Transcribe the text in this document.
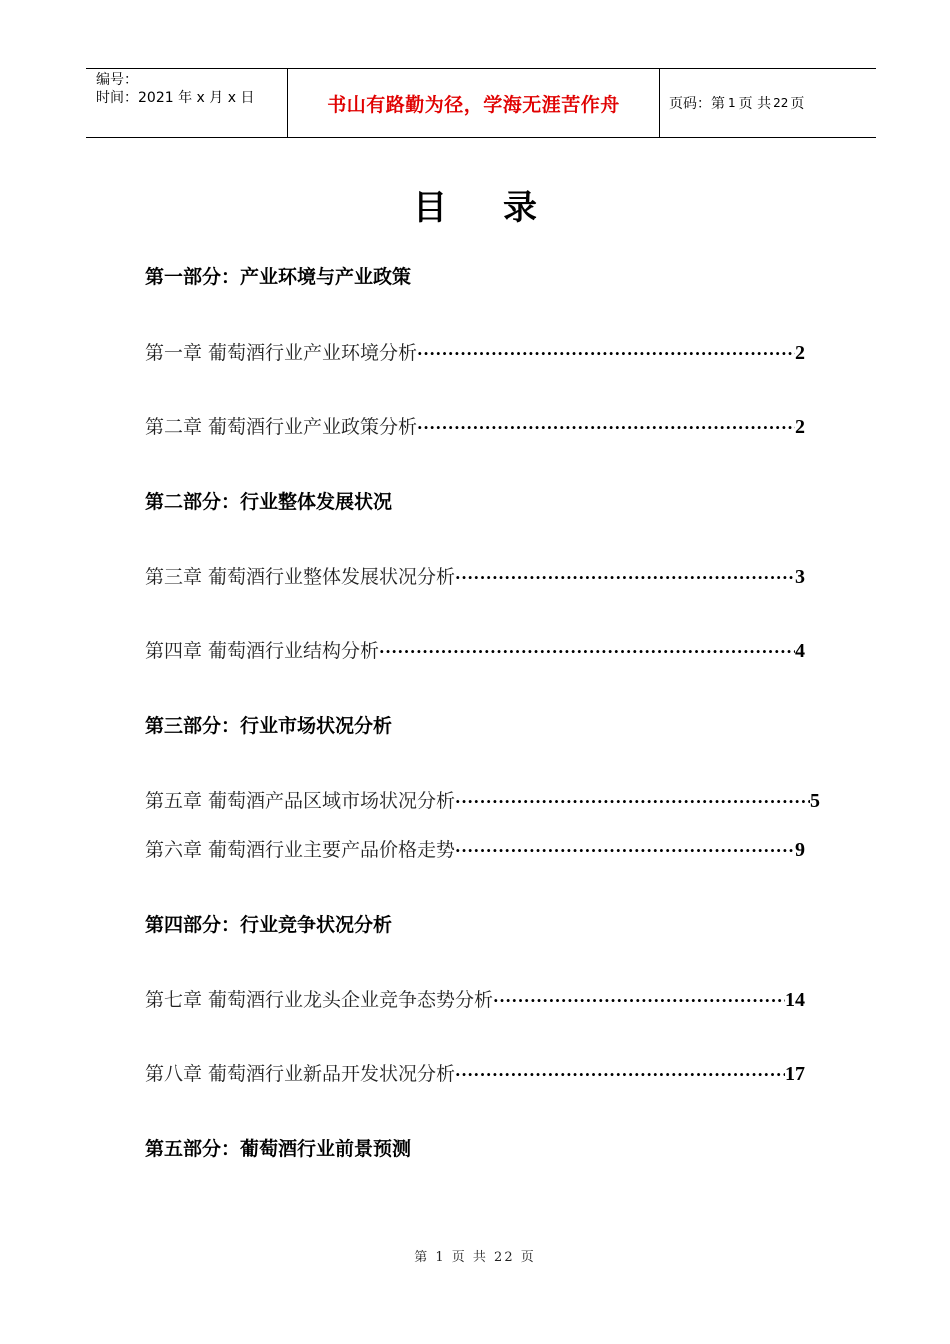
编号：
时间：2021 年 x 月 x 日	书山有路勤为径，学海无涯苦作舟	页码：第 1 页 共 22 页
目 录
第一部分：产业环境与产业政策
第一章 葡萄酒行业产业环境分析 ·····	2
第二章 葡萄酒行业产业政策分析 ·····	2
第二部分：行业整体发展状况
第三章 葡萄酒行业整体发展状况分析 ·····	3
第四章 葡萄酒行业结构分析 ·····	4
第三部分：行业市场状况分析
第五章 葡萄酒产品区域市场状况分析 ·····	5
第六章 葡萄酒行业主要产品价格走势 ·····	9
第四部分：行业竞争状况分析
第七章 葡萄酒行业龙头企业竞争态势分析 ·····	14
第八章 葡萄酒行业新品开发状况分析 ·····	17
第五部分：葡萄酒行业前景预测
第 1 页 共 22 页
